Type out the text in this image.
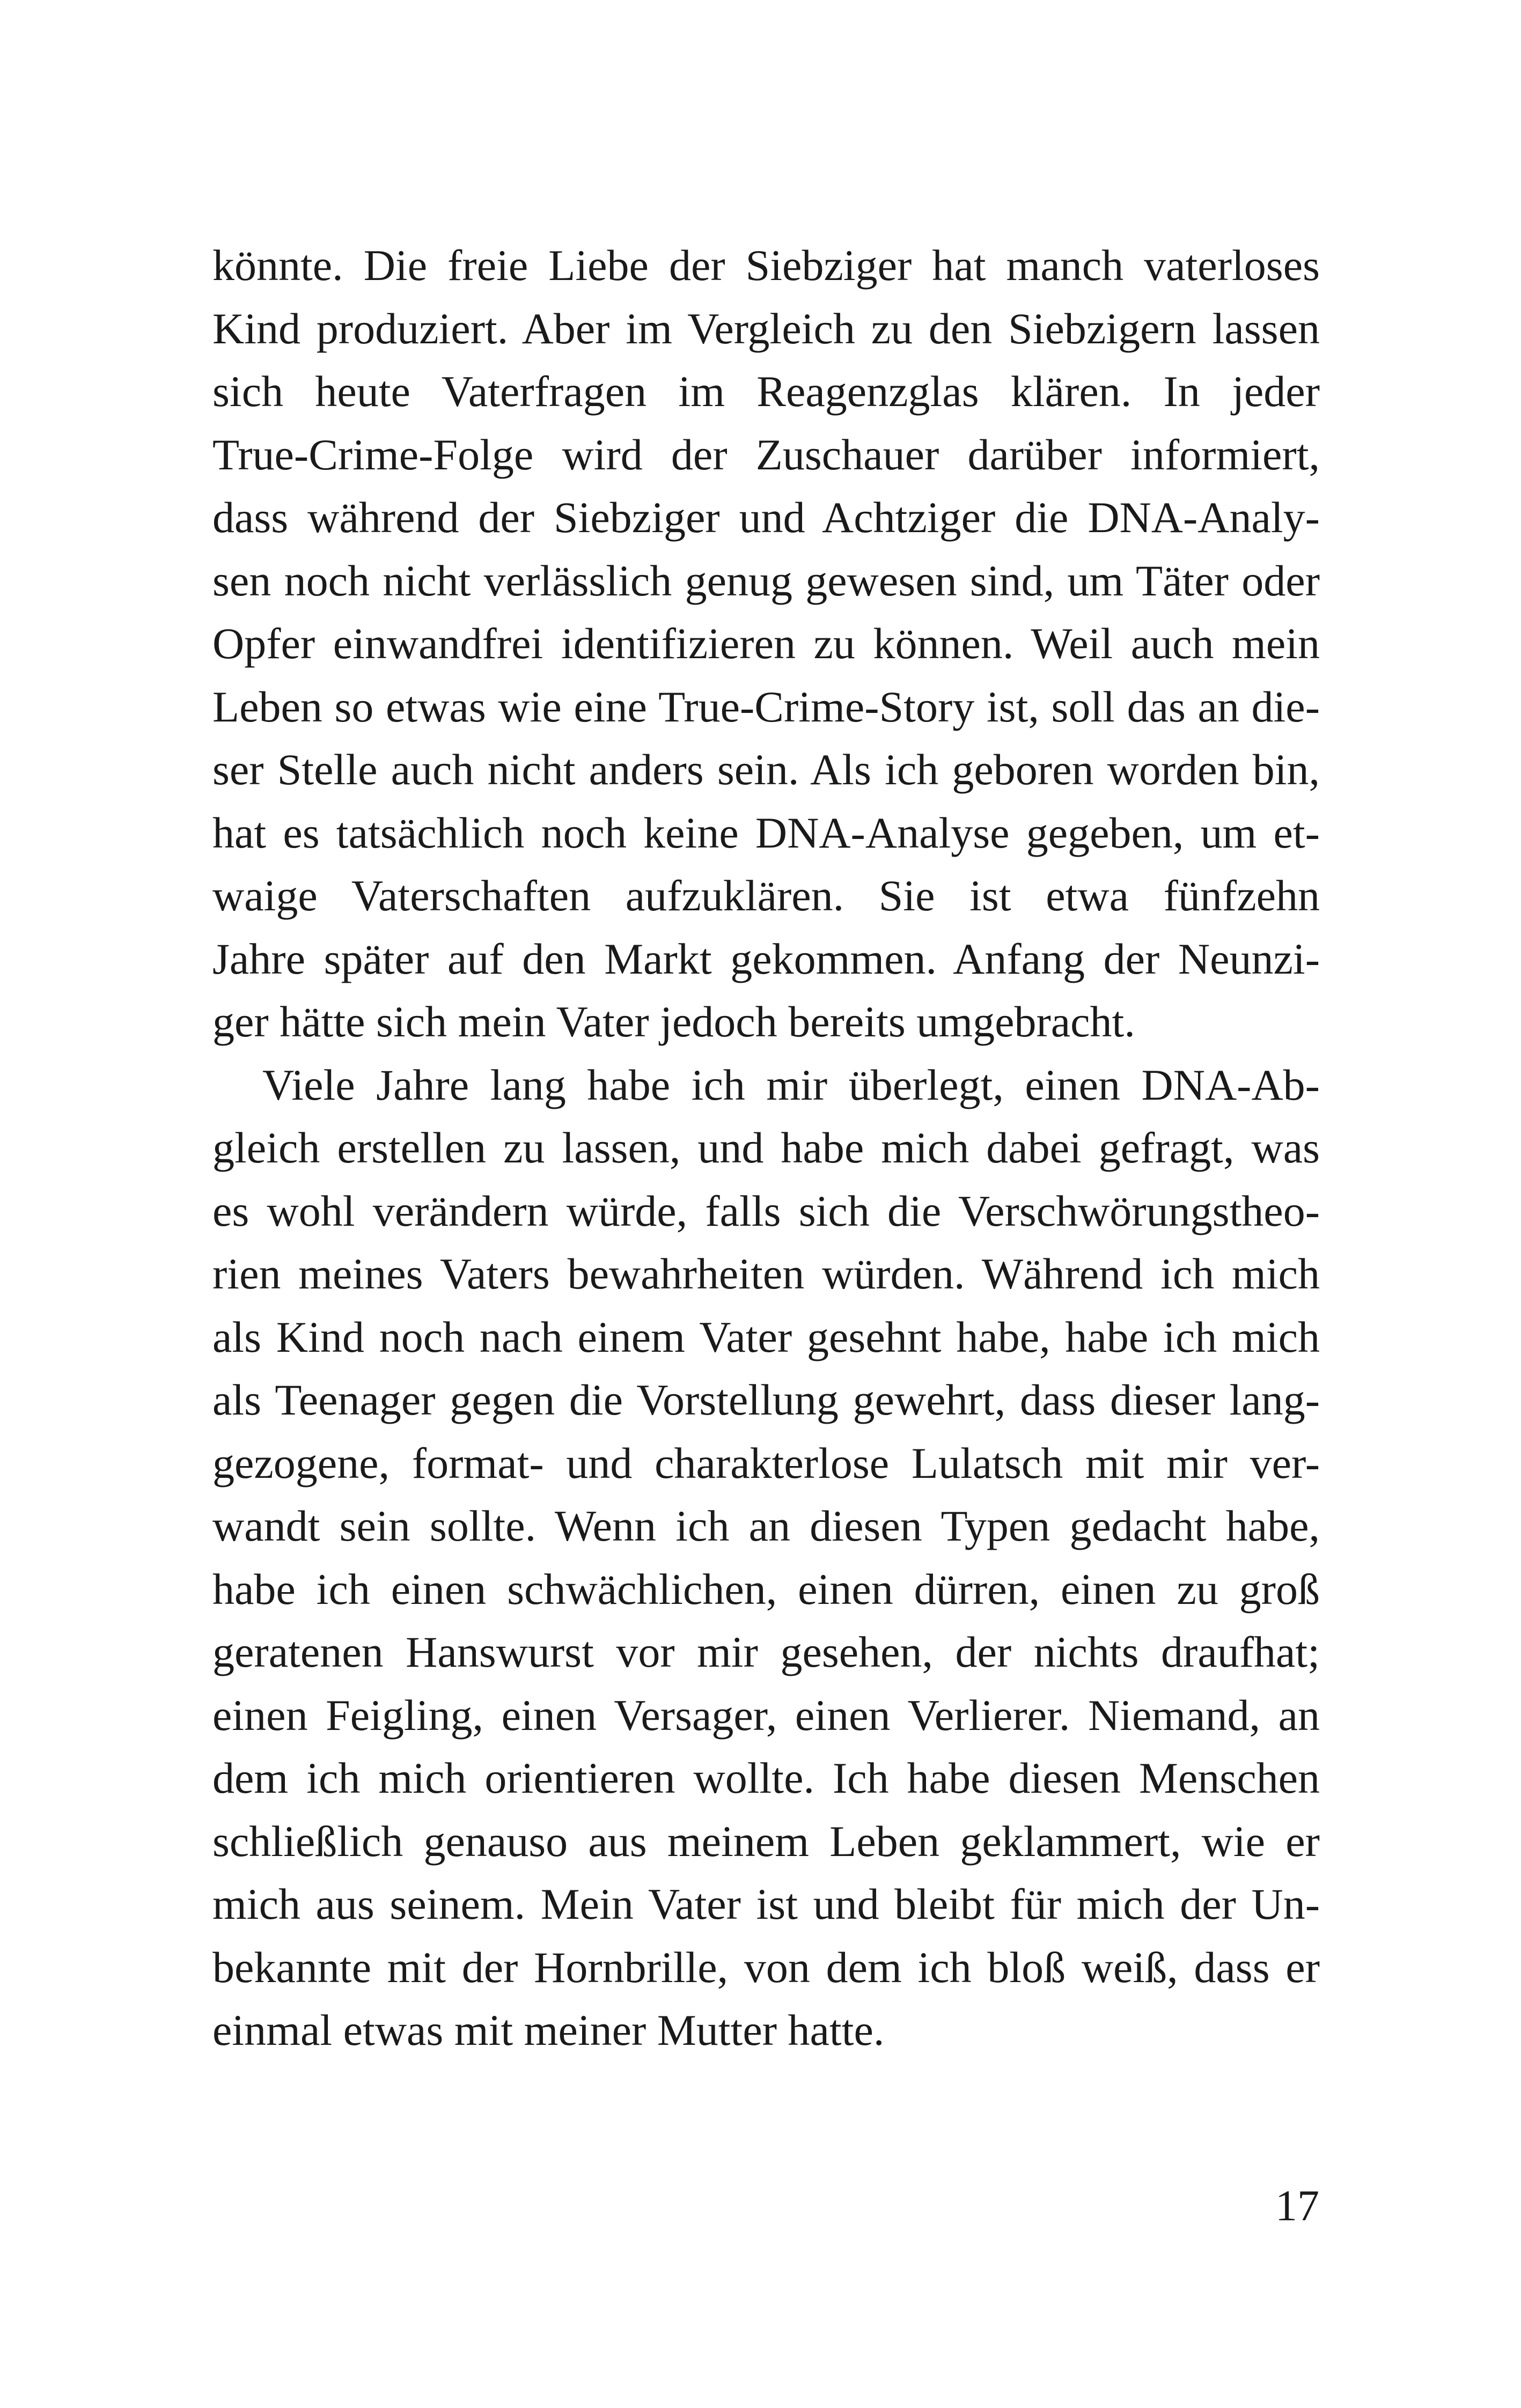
könnte. Die freie Liebe der Siebziger hat manch vaterloses
Kind produziert. Aber im Vergleich zu den Siebzigern lassen
sich heute Vaterfragen im Reagenzglas klären. In jeder
True-Crime-Folge wird der Zuschauer darüber informiert,
dass während der Siebziger und Achtziger die DNA-Analy-
sen noch nicht verlässlich genug gewesen sind, um Täter oder
Opfer einwandfrei identifizieren zu können. Weil auch mein
Leben so etwas wie eine True-Crime-Story ist, soll das an die-
ser Stelle auch nicht anders sein. Als ich geboren worden bin,
hat es tatsächlich noch keine DNA-Analyse gegeben, um et-
waige Vaterschaften aufzuklären. Sie ist etwa fünfzehn
Jahre später auf den Markt gekommen. Anfang der Neunzi-
ger hätte sich mein Vater jedoch bereits umgebracht.
Viele Jahre lang habe ich mir überlegt, einen DNA-Ab-
gleich erstellen zu lassen, und habe mich dabei gefragt, was
es wohl verändern würde, falls sich die Verschwörungstheo-
rien meines Vaters bewahrheiten würden. Während ich mich
als Kind noch nach einem Vater gesehnt habe, habe ich mich
als Teenager gegen die Vorstellung gewehrt, dass dieser lang-
gezogene, format- und charakterlose Lulatsch mit mir ver-
wandt sein sollte. Wenn ich an diesen Typen gedacht habe,
habe ich einen schwächlichen, einen dürren, einen zu groß
geratenen Hanswurst vor mir gesehen, der nichts draufhat;
einen Feigling, einen Versager, einen Verlierer. Niemand, an
dem ich mich orientieren wollte. Ich habe diesen Menschen
schließlich genauso aus meinem Leben geklammert, wie er
mich aus seinem. Mein Vater ist und bleibt für mich der Un-
bekannte mit der Hornbrille, von dem ich bloß weiß, dass er
einmal etwas mit meiner Mutter hatte.
17
